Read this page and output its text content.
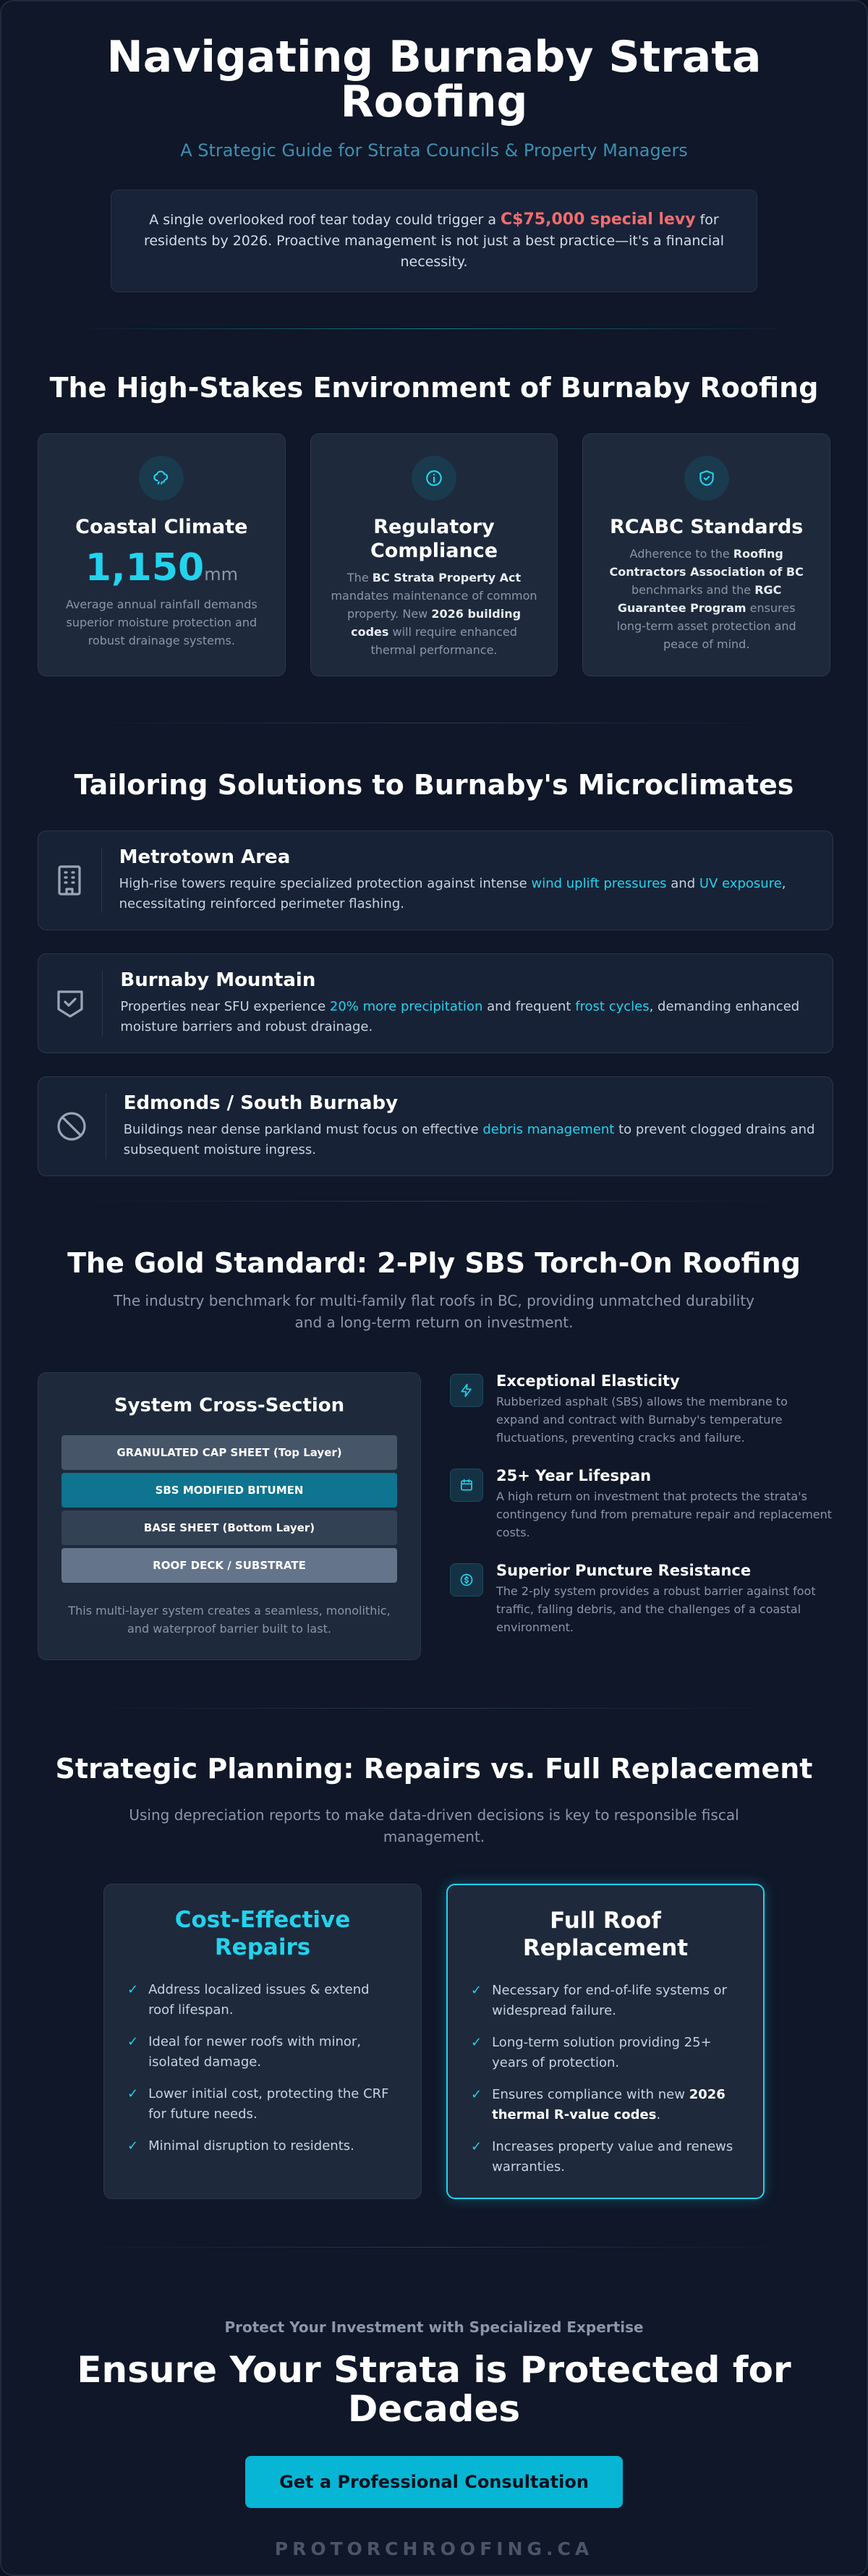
Navigating Burnaby Strata Roofing
A Strategic Guide for Strata Councils & Property Managers
A single overlooked roof tear today could trigger a C$75,000 special levy for residents by 2026. Proactive management is not just a best practice—it's a financial necessity.
The High-Stakes Environment of Burnaby Roofing
Coastal Climate
1,150mm

Average annual rainfall demands superior moisture protection and robust drainage systems.

Regulatory Compliance

The BC Strata Property Act mandates maintenance of common property. New 2026 building codes will require enhanced thermal performance.

RCABC Standards

Adherence to the Roofing Contractors Association of BC benchmarks and the RGC Guarantee Program ensures long-term asset protection and peace of mind.

Tailoring Solutions to Burnaby's Microclimates
Metrotown Area

High-rise towers require specialized protection against intense wind uplift pressures and UV exposure, necessitating reinforced perimeter flashing.

Burnaby Mountain

Properties near SFU experience 20% more precipitation and frequent frost cycles, demanding enhanced moisture barriers and robust drainage.

Edmonds / South Burnaby

Buildings near dense parkland must focus on effective debris management to prevent clogged drains and subsequent moisture ingress.

The Gold Standard: 2-Ply SBS Torch-On Roofing

The industry benchmark for multi-family flat roofs in BC, providing unmatched durability and a long-term return on investment.

System Cross-Section
GRANULATED CAP SHEET (Top Layer)
SBS MODIFIED BITUMEN
BASE SHEET (Bottom Layer)
ROOF DECK / SUBSTRATE

This multi-layer system creates a seamless, monolithic, and waterproof barrier built to last.

Exceptional Elasticity

Rubberized asphalt (SBS) allows the membrane to expand and contract with Burnaby's temperature fluctuations, preventing cracks and failure.

25+ Year Lifespan

A high return on investment that protects the strata's contingency fund from premature repair and replacement costs.

Superior Puncture Resistance

The 2-ply system provides a robust barrier against foot traffic, falling debris, and the challenges of a coastal environment.

Strategic Planning: Repairs vs. Full Replacement

Using depreciation reports to make data-driven decisions is key to responsible fiscal management.

Cost-Effective Repairs
✓ Address localized issues & extend roof lifespan.
✓ Ideal for newer roofs with minor, isolated damage.
✓ Lower initial cost, protecting the CRF for future needs.
✓ Minimal disruption to residents.
Full Roof Replacement
✓ Necessary for end-of-life systems or widespread failure.
✓ Long-term solution providing 25+ years of protection.
✓ Ensures compliance with new 2026 thermal R-value codes.
✓ Increases property value and renews warranties.
Protect Your Investment with Specialized Expertise
Ensure Your Strata is Protected for Decades
Get a Professional Consultation
PROTORCHROOFING.CA
